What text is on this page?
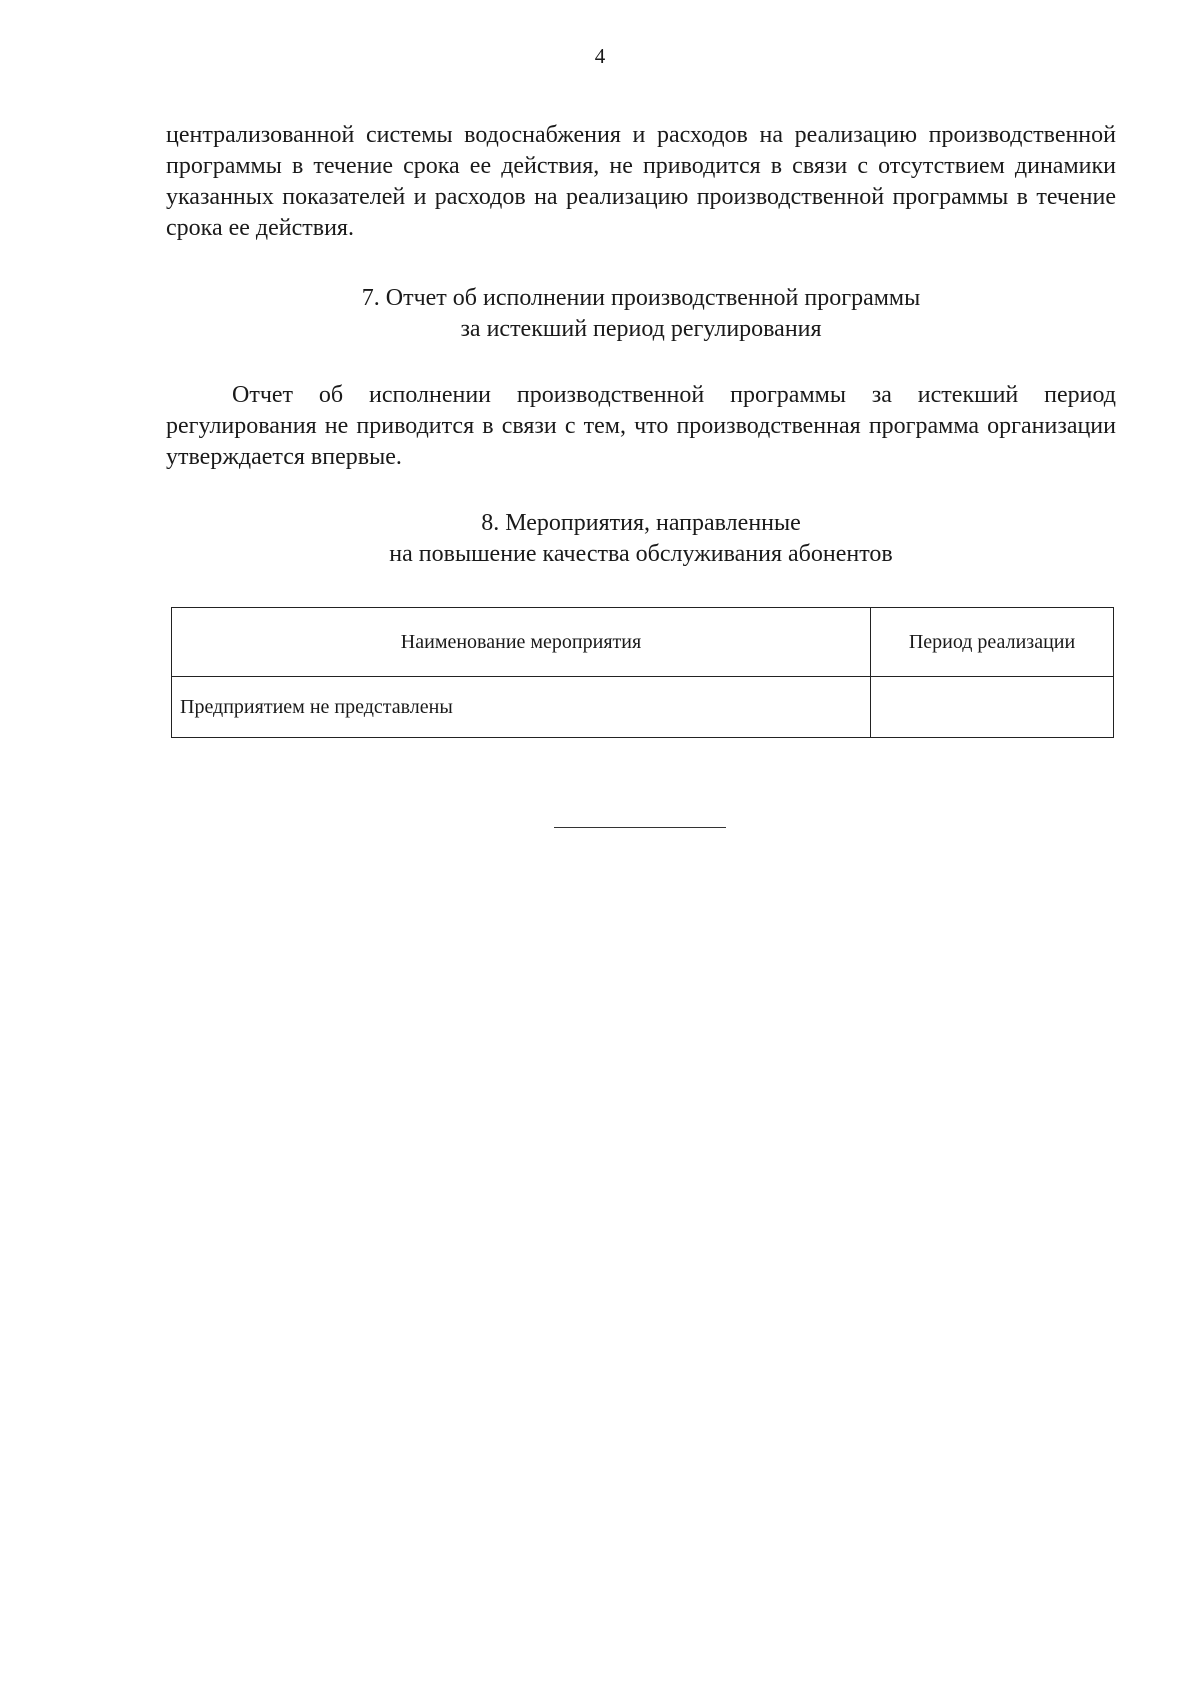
4
централизованной системы водоснабжения и расходов на реализацию производственной программы в течение срока ее действия, не приводится в связи с отсутствием динамики указанных показателей и расходов на реализацию производственной программы в течение срока ее действия.
7. Отчет об исполнении производственной программы
за истекший период регулирования
Отчет об исполнении производственной программы за истекший период регулирования не приводится в связи с тем, что производственная программа организации утверждается впервые.
8. Мероприятия, направленные
на повышение качества обслуживания абонентов
Наименование мероприятия	Период реализации
Предприятием не представлены	
